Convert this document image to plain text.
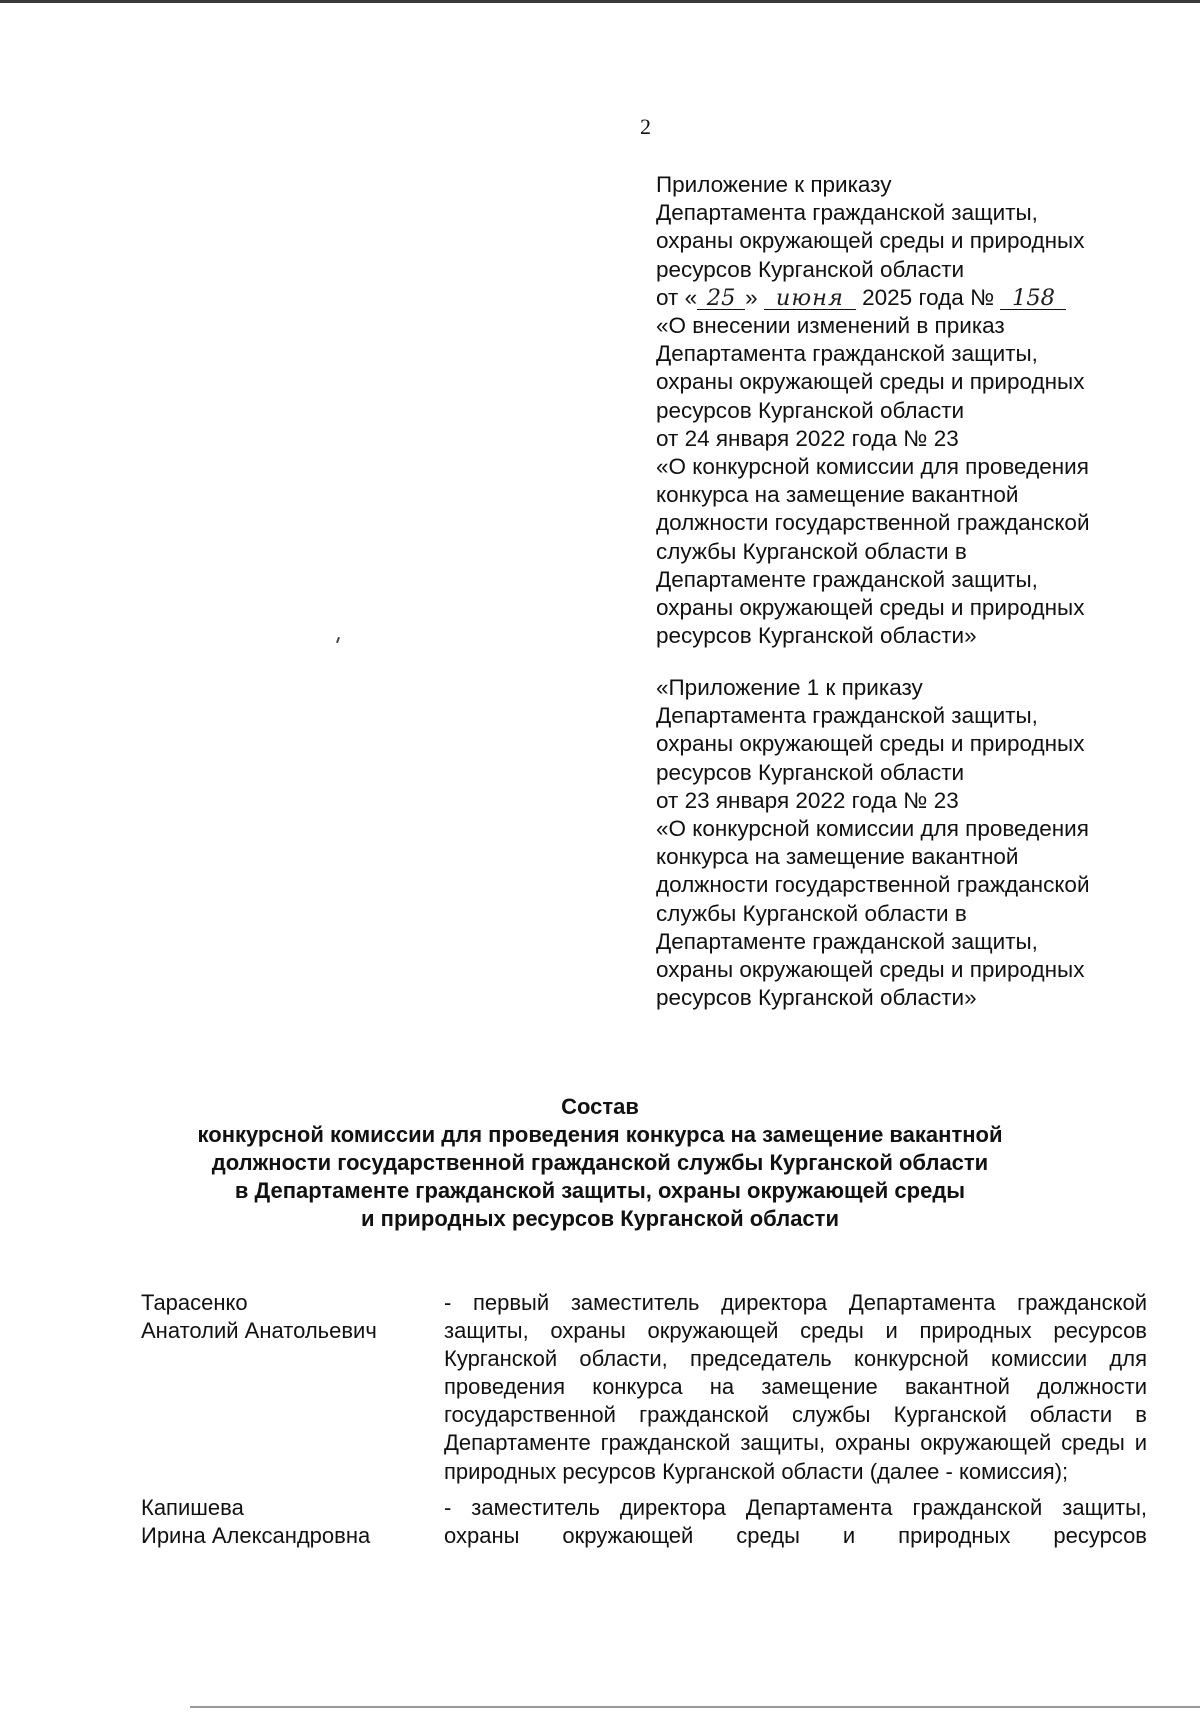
2
Приложение к приказу
Департамента гражданской защиты,
охраны окружающей среды и природных
ресурсов Курганской области
от « 25 » июня 2025 года № 158
«О внесении изменений в приказ
Департамента гражданской защиты,
охраны окружающей среды и природных
ресурсов Курганской области
от 24 января 2022 года № 23
«О конкурсной комиссии для проведения
конкурса на замещение вакантной
должности государственной гражданской
службы Курганской области в
Департаменте гражданской защиты,
охраны окружающей среды и природных
ресурсов Курганской области»
«Приложение 1 к приказу
Департамента гражданской защиты,
охраны окружающей среды и природных
ресурсов Курганской области
от 23 января 2022 года № 23
«О конкурсной комиссии для проведения
конкурса на замещение вакантной
должности государственной гражданской
службы Курганской области в
Департаменте гражданской защиты,
охраны окружающей среды и природных
ресурсов Курганской области»
Состав
конкурсной комиссии для проведения конкурса на замещение вакантной
должности государственной гражданской службы Курганской области
в Департаменте гражданской защиты, охраны окружающей среды
и природных ресурсов Курганской области
Тарасенко
Анатолий Анатольевич
- первый заместитель директора Департамента гражданской защиты, охраны окружающей среды и природных ресурсов Курганской области, председатель конкурсной комиссии для проведения конкурса на замещение вакантной должности государственной гражданской службы Курганской области в Департаменте гражданской защиты, охраны окружающей среды и природных ресурсов Курганской области (далее - комиссия);
Капишева
Ирина Александровна
- заместитель директора Департамента гражданской защиты, охраны окружающей среды и природных ресурсов
